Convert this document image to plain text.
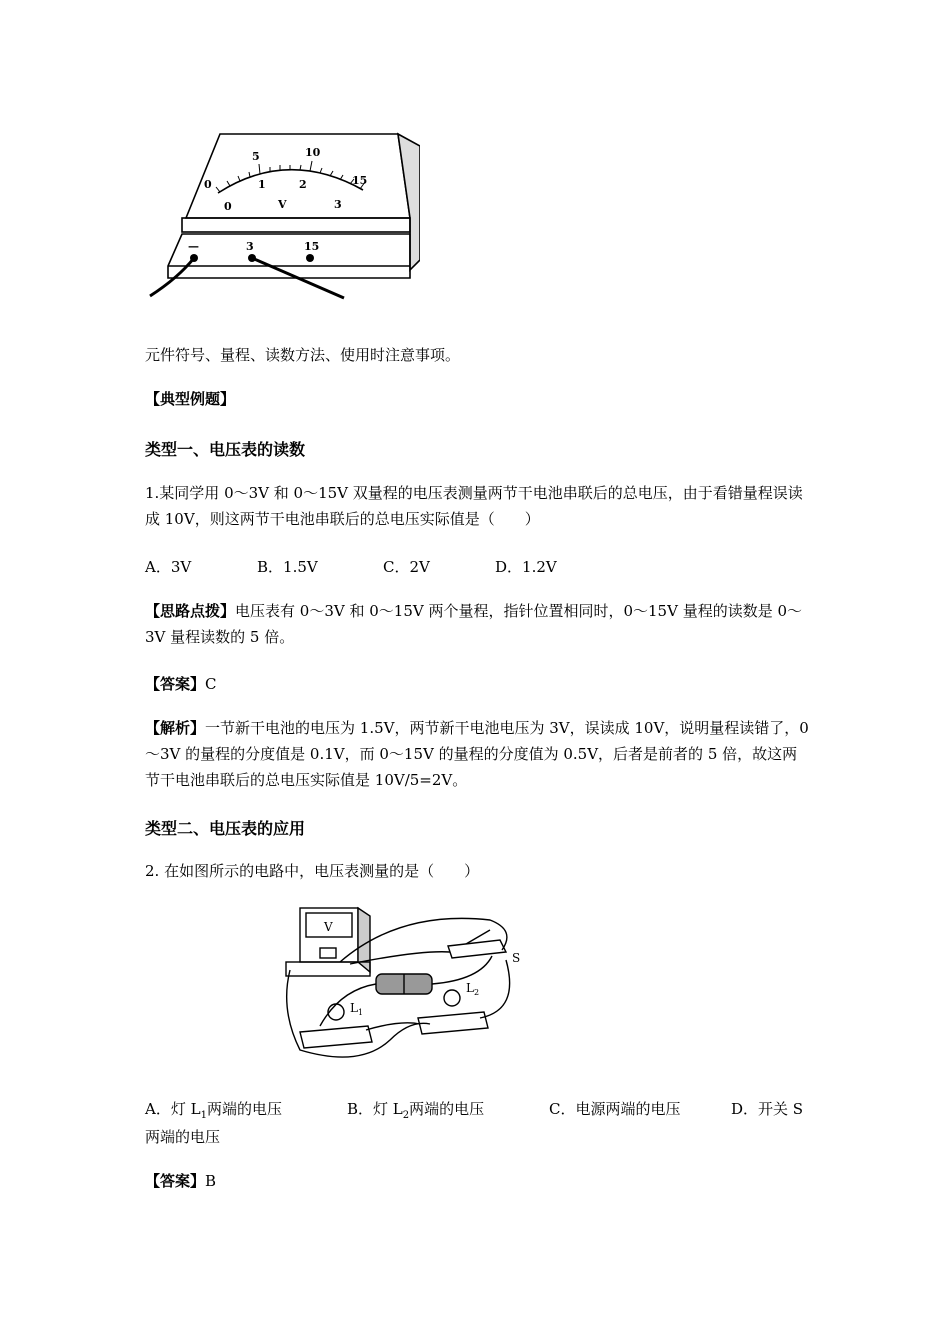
0
5	10
15
0
1	2
3
V
—	3	15
元件符号、量程、读数方法、使用时注意事项。
【典型例题】
类型一、电压表的读数
1.某同学用 0～3V 和 0～15V 双量程的电压表测量两节干电池串联后的总电压，由于看错量程误读成 10V，则这两节干电池串联后的总电压实际值是（　　）
A．3V	B．1.5V	C．2V	D．1.2V
【思路点拨】电压表有 0～3V 和 0～15V 两个量程，指针位置相同时，0～15V 量程的读数是 0～3V 量程读数的 5 倍。
【答案】C
【解析】一节新干电池的电压为 1.5V，两节新干电池电压为 3V，误读成 10V，说明量程读错了，0～3V 的量程的分度值是 0.1V，而 0～15V 的量程的分度值为 0.5V，后者是前者的 5 倍，故这两节干电池串联后的总电压实际值是 10V/5=2V。
类型二、电压表的应用
2. 在如图所示的电路中，电压表测量的是（　　）
V
S
$L_1$
$L_2$
A．灯 $L_1$两端的电压	B．灯 $L_2$两端的电压	C．电源两端的电压	D．开关 S
两端的电压
【答案】B
